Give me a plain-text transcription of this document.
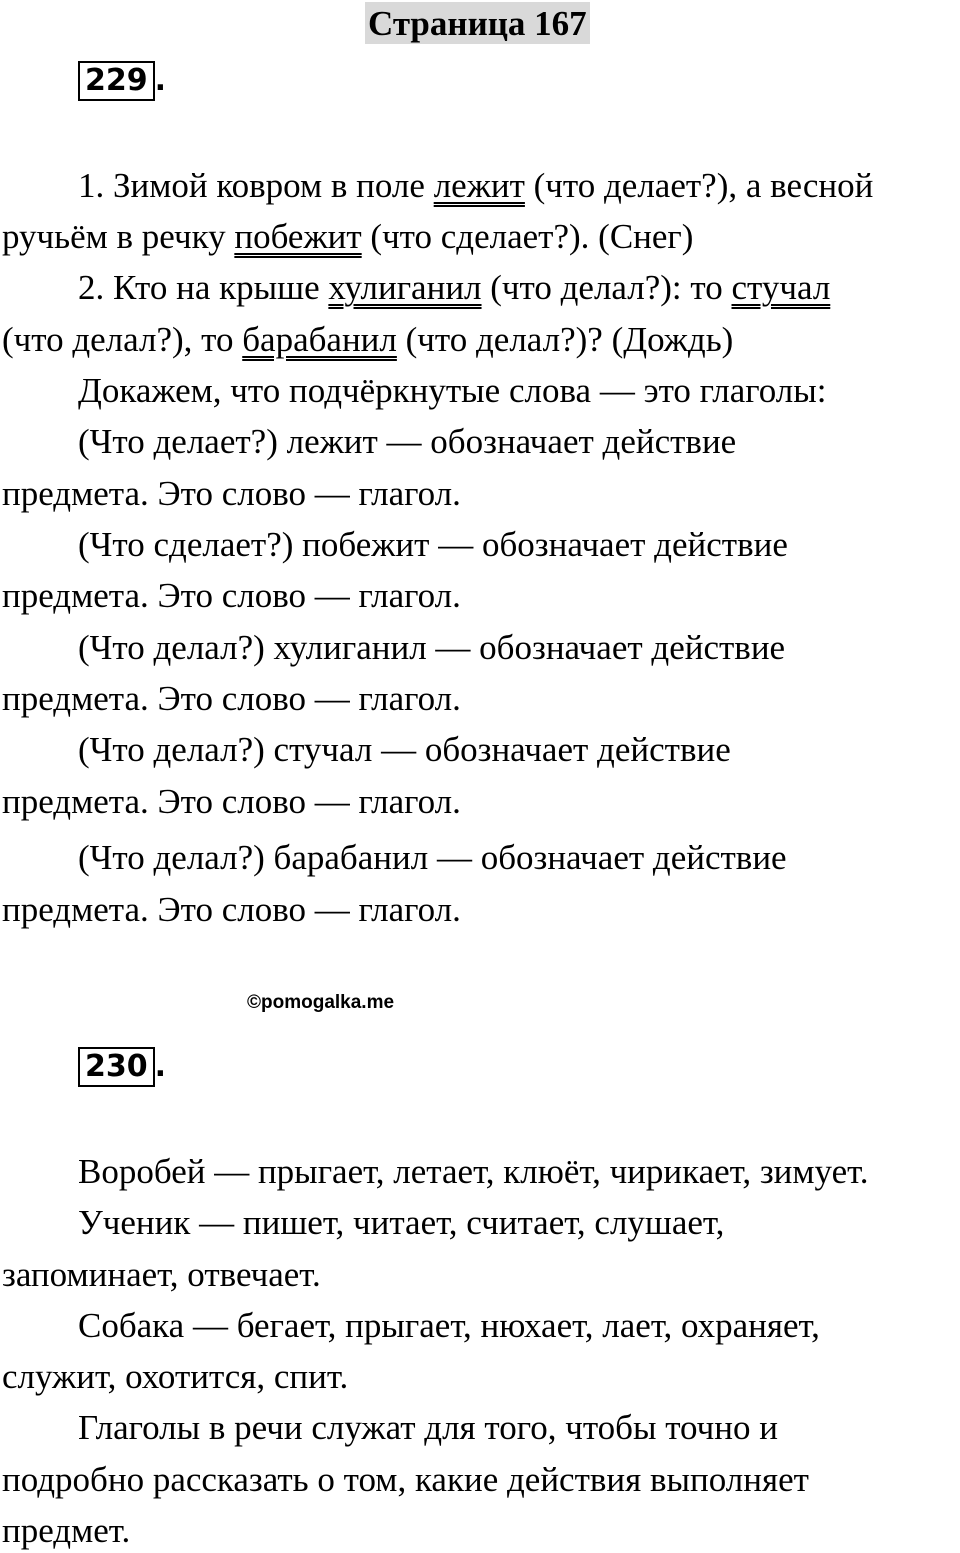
Страница 167
229 .
1. Зимой ковром в поле лежит (что делает?), а весной
ручьём в речку побежит (что сделает?). (Снег)
2. Кто на крыше хулиганил (что делал?): то стучал
(что делал?), то барабанил (что делал?)? (Дождь)
Докажем, что подчёркнутые слова — это глаголы:
(Что делает?) лежит — обозначает действие
предмета. Это слово — глагол.
(Что сделает?) побежит — обозначает действие
предмета. Это слово — глагол.
(Что делал?) хулиганил — обозначает действие
предмета. Это слово — глагол.
(Что делал?) стучал — обозначает действие
предмета. Это слово — глагол.
(Что делал?) барабанил — обозначает действие
предмета. Это слово — глагол.
©pomogalka.me
230 .
Воробей — прыгает, летает, клюёт, чирикает, зимует.
Ученик — пишет, читает, считает, слушает,
запоминает, отвечает.
Собака — бегает, прыгает, нюхает, лает, охраняет,
служит, охотится, спит.
Глаголы в речи служат для того, чтобы точно и
подробно рассказать о том, какие действия выполняет
предмет.
